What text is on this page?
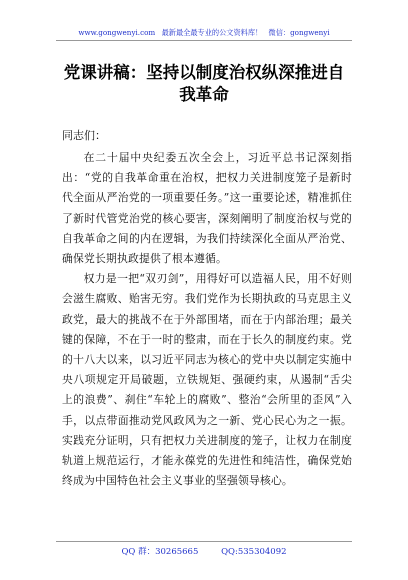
www.gongwenyi.com 最新最全最专业的公文资料库！ 微信：gongwenyi
党课讲稿：坚持以制度治权纵深推进自我革命
同志们：

在二十届中央纪委五次全会上，习近平总书记深刻指出：“党的自我革命重在治权，把权力关进制度笼子是新时代全面从严治党的一项重要任务。”这一重要论述，精准抓住了新时代管党治党的核心要害，深刻阐明了制度治权与党的自我革命之间的内在逻辑，为我们持续深化全面从严治党、确保党长期执政提供了根本遵循。

权力是一把“双刃剑”，用得好可以造福人民，用不好则会滋生腐败、贻害无穷。我们党作为长期执政的马克思主义政党，最大的挑战不在于外部围堵，而在于内部治理；最关键的保障，不在于一时的整肃，而在于长久的制度约束。党的十八大以来，以习近平同志为核心的党中央以制定实施中央八项规定开局破题，立铁规矩、强硬约束，从遏制“舌尖上的浪费”、刹住“车轮上的腐败”、整治“会所里的歪风”入手，以点带面推动党风政风为之一新、党心民心为之一振。实践充分证明，只有把权力关进制度的笼子，让权力在制度轨道上规范运行，才能永葆党的先进性和纯洁性，确保党始终成为中国特色社会主义事业的坚强领导核心。

QQ 群：30265665	QQ:535304092
